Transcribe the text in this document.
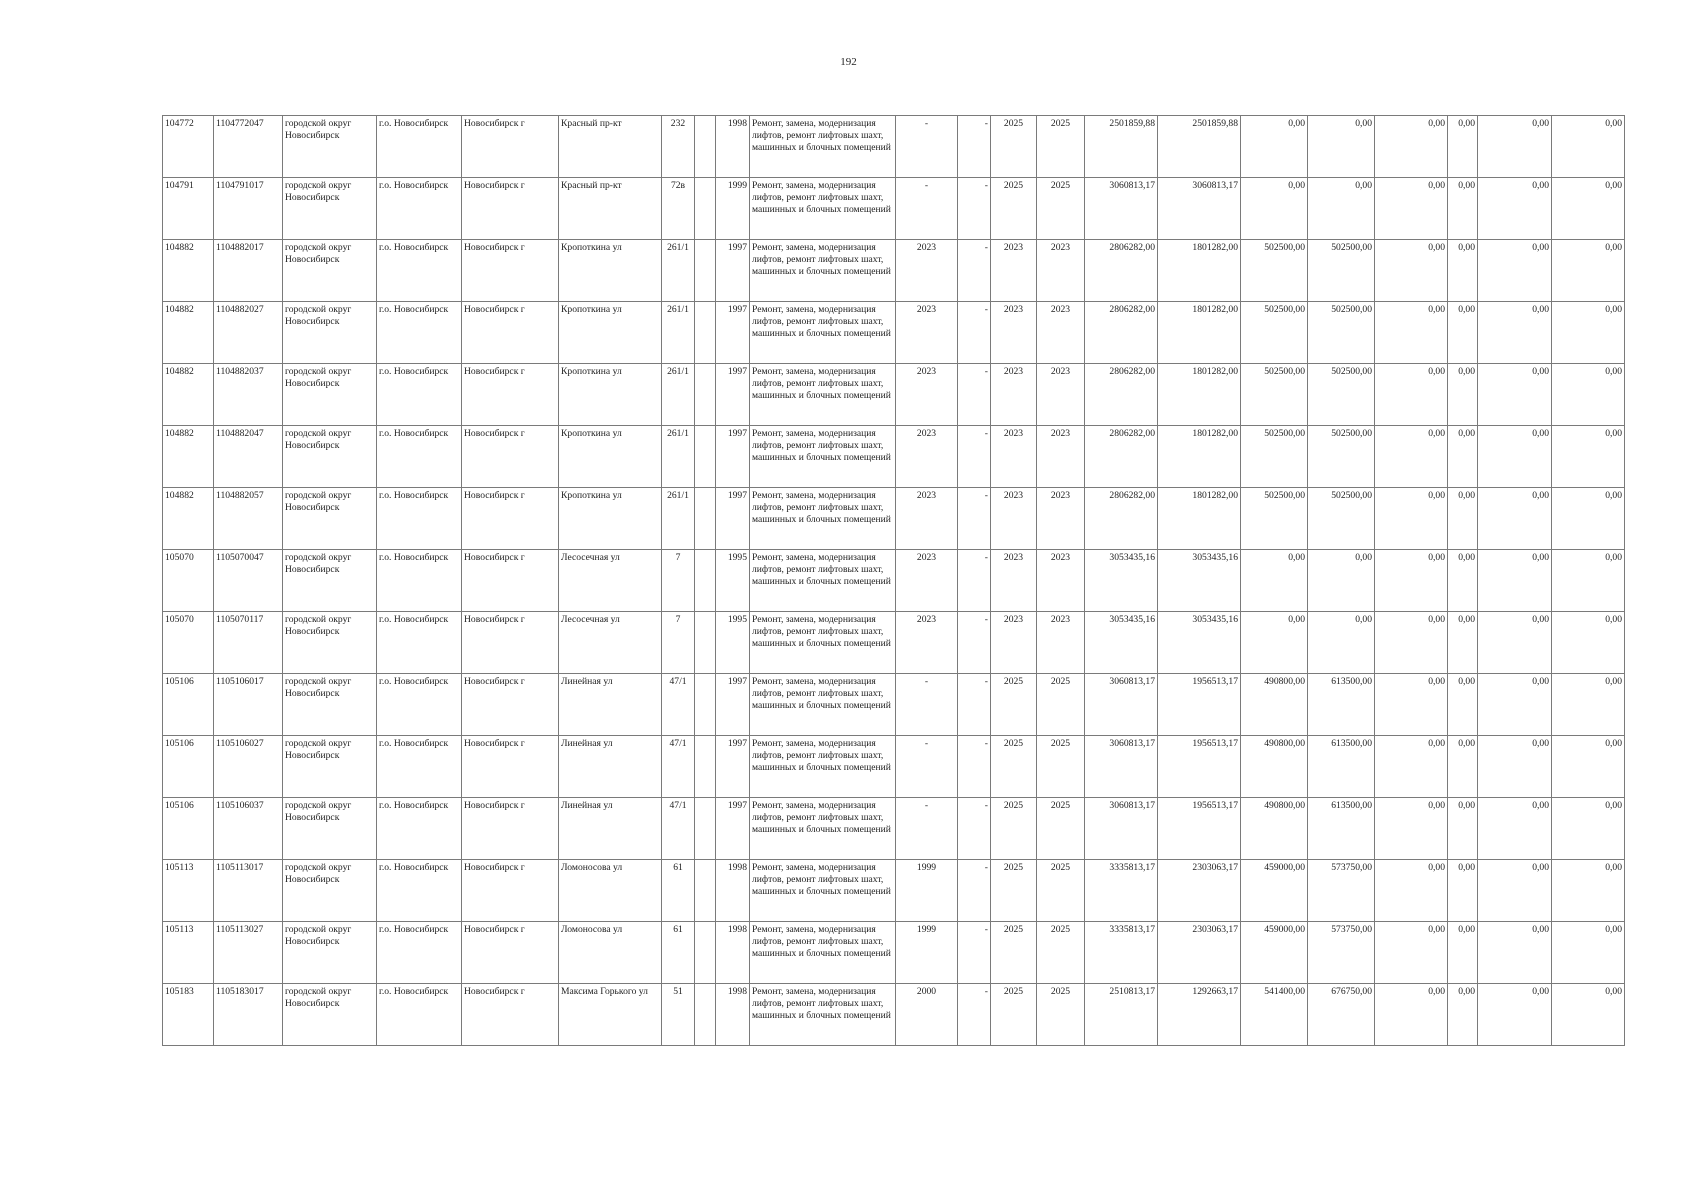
192
104772	1104772047	городской округ Новосибирск	г.о. Новосибирск	Новосибирск г	Красный пр-кт	232		1998	Ремонт, замена, модернизация лифтов, ремонт лифтовых шахт, машинных и блочных помещений	-	-	2025	2025	2501859,88	2501859,88	0,00	0,00	0,00	0,00	0,00	0,00
104791	1104791017	городской округ Новосибирск	г.о. Новосибирск	Новосибирск г	Красный пр-кт	72в		1999	Ремонт, замена, модернизация лифтов, ремонт лифтовых шахт, машинных и блочных помещений	-	-	2025	2025	3060813,17	3060813,17	0,00	0,00	0,00	0,00	0,00	0,00
104882	1104882017	городской округ Новосибирск	г.о. Новосибирск	Новосибирск г	Кропоткина ул	261/1		1997	Ремонт, замена, модернизация лифтов, ремонт лифтовых шахт, машинных и блочных помещений	2023	-	2023	2023	2806282,00	1801282,00	502500,00	502500,00	0,00	0,00	0,00	0,00
104882	1104882027	городской округ Новосибирск	г.о. Новосибирск	Новосибирск г	Кропоткина ул	261/1		1997	Ремонт, замена, модернизация лифтов, ремонт лифтовых шахт, машинных и блочных помещений	2023	-	2023	2023	2806282,00	1801282,00	502500,00	502500,00	0,00	0,00	0,00	0,00
104882	1104882037	городской округ Новосибирск	г.о. Новосибирск	Новосибирск г	Кропоткина ул	261/1		1997	Ремонт, замена, модернизация лифтов, ремонт лифтовых шахт, машинных и блочных помещений	2023	-	2023	2023	2806282,00	1801282,00	502500,00	502500,00	0,00	0,00	0,00	0,00
104882	1104882047	городской округ Новосибирск	г.о. Новосибирск	Новосибирск г	Кропоткина ул	261/1		1997	Ремонт, замена, модернизация лифтов, ремонт лифтовых шахт, машинных и блочных помещений	2023	-	2023	2023	2806282,00	1801282,00	502500,00	502500,00	0,00	0,00	0,00	0,00
104882	1104882057	городской округ Новосибирск	г.о. Новосибирск	Новосибирск г	Кропоткина ул	261/1		1997	Ремонт, замена, модернизация лифтов, ремонт лифтовых шахт, машинных и блочных помещений	2023	-	2023	2023	2806282,00	1801282,00	502500,00	502500,00	0,00	0,00	0,00	0,00
105070	1105070047	городской округ Новосибирск	г.о. Новосибирск	Новосибирск г	Лесосечная ул	7		1995	Ремонт, замена, модернизация лифтов, ремонт лифтовых шахт, машинных и блочных помещений	2023	-	2023	2023	3053435,16	3053435,16	0,00	0,00	0,00	0,00	0,00	0,00
105070	1105070117	городской округ Новосибирск	г.о. Новосибирск	Новосибирск г	Лесосечная ул	7		1995	Ремонт, замена, модернизация лифтов, ремонт лифтовых шахт, машинных и блочных помещений	2023	-	2023	2023	3053435,16	3053435,16	0,00	0,00	0,00	0,00	0,00	0,00
105106	1105106017	городской округ Новосибирск	г.о. Новосибирск	Новосибирск г	Линейная ул	47/1		1997	Ремонт, замена, модернизация лифтов, ремонт лифтовых шахт, машинных и блочных помещений	-	-	2025	2025	3060813,17	1956513,17	490800,00	613500,00	0,00	0,00	0,00	0,00
105106	1105106027	городской округ Новосибирск	г.о. Новосибирск	Новосибирск г	Линейная ул	47/1		1997	Ремонт, замена, модернизация лифтов, ремонт лифтовых шахт, машинных и блочных помещений	-	-	2025	2025	3060813,17	1956513,17	490800,00	613500,00	0,00	0,00	0,00	0,00
105106	1105106037	городской округ Новосибирск	г.о. Новосибирск	Новосибирск г	Линейная ул	47/1		1997	Ремонт, замена, модернизация лифтов, ремонт лифтовых шахт, машинных и блочных помещений	-	-	2025	2025	3060813,17	1956513,17	490800,00	613500,00	0,00	0,00	0,00	0,00
105113	1105113017	городской округ Новосибирск	г.о. Новосибирск	Новосибирск г	Ломоносова ул	61		1998	Ремонт, замена, модернизация лифтов, ремонт лифтовых шахт, машинных и блочных помещений	1999	-	2025	2025	3335813,17	2303063,17	459000,00	573750,00	0,00	0,00	0,00	0,00
105113	1105113027	городской округ Новосибирск	г.о. Новосибирск	Новосибирск г	Ломоносова ул	61		1998	Ремонт, замена, модернизация лифтов, ремонт лифтовых шахт, машинных и блочных помещений	1999	-	2025	2025	3335813,17	2303063,17	459000,00	573750,00	0,00	0,00	0,00	0,00
105183	1105183017	городской округ Новосибирск	г.о. Новосибирск	Новосибирск г	Максима Горького ул	51		1998	Ремонт, замена, модернизация лифтов, ремонт лифтовых шахт, машинных и блочных помещений	2000	-	2025	2025	2510813,17	1292663,17	541400,00	676750,00	0,00	0,00	0,00	0,00
